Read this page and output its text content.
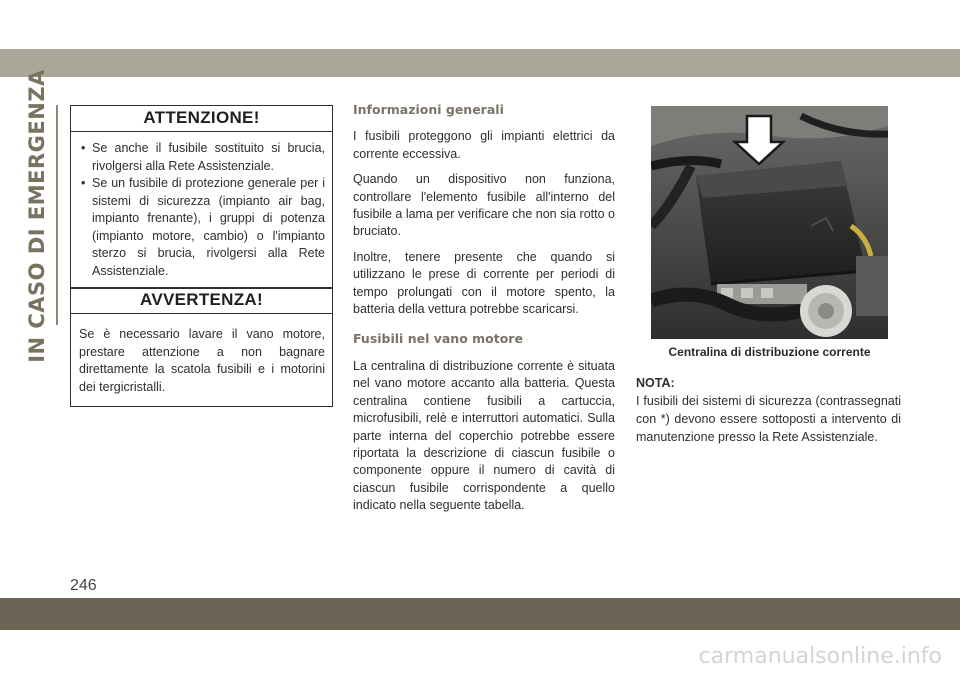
IN CASO DI EMERGENZA	ATTENZIONE!
• Se anche il fusibile sostituito si brucia, rivolgersi alla Rete Assistenziale.
• Se un fusibile di protezione generale per i sistemi di sicurezza (impianto air bag, impianto frenante), i gruppi di potenza (impianto motore, cambio) o l'impianto sterzo si brucia, rivolgersi alla Rete Assistenziale.
AVVERTENZA!
Se è necessario lavare il vano motore, prestare attenzione a non bagnare direttamente la scatola fusibili e i motorini dei tergicristalli.
Informazioni generali

I fusibili proteggono gli impianti elettrici da corrente eccessiva.

Quando un dispositivo non funziona, controllare l'elemento fusibile all'interno del fusibile a lama per verificare che non sia rotto o bruciato.

Inoltre, tenere presente che quando si utilizzano le prese di corrente per periodi di tempo prolungati con il motore spento, la batteria della vettura potrebbe scaricarsi.

Fusibili nel vano motore

La centralina di distribuzione corrente è situata nel vano motore accanto alla batteria. Questa centralina contiene fusibili a cartuccia, microfusibili, relè e interruttori automatici. Sulla parte interna del coperchio potrebbe essere riportata la descrizione di ciascun fusibile o componente oppure il numero di cavità di ciascun fusibile corrispondente a quello indicato nella seguente tabella.

Centralina di distribuzione corrente
NOTA:
I fusibili dei sistemi di sicurezza (contrassegnati con *) devono essere sottoposti a intervento di manutenzione presso la Rete Assistenziale.
246
carmanualsonline.info
